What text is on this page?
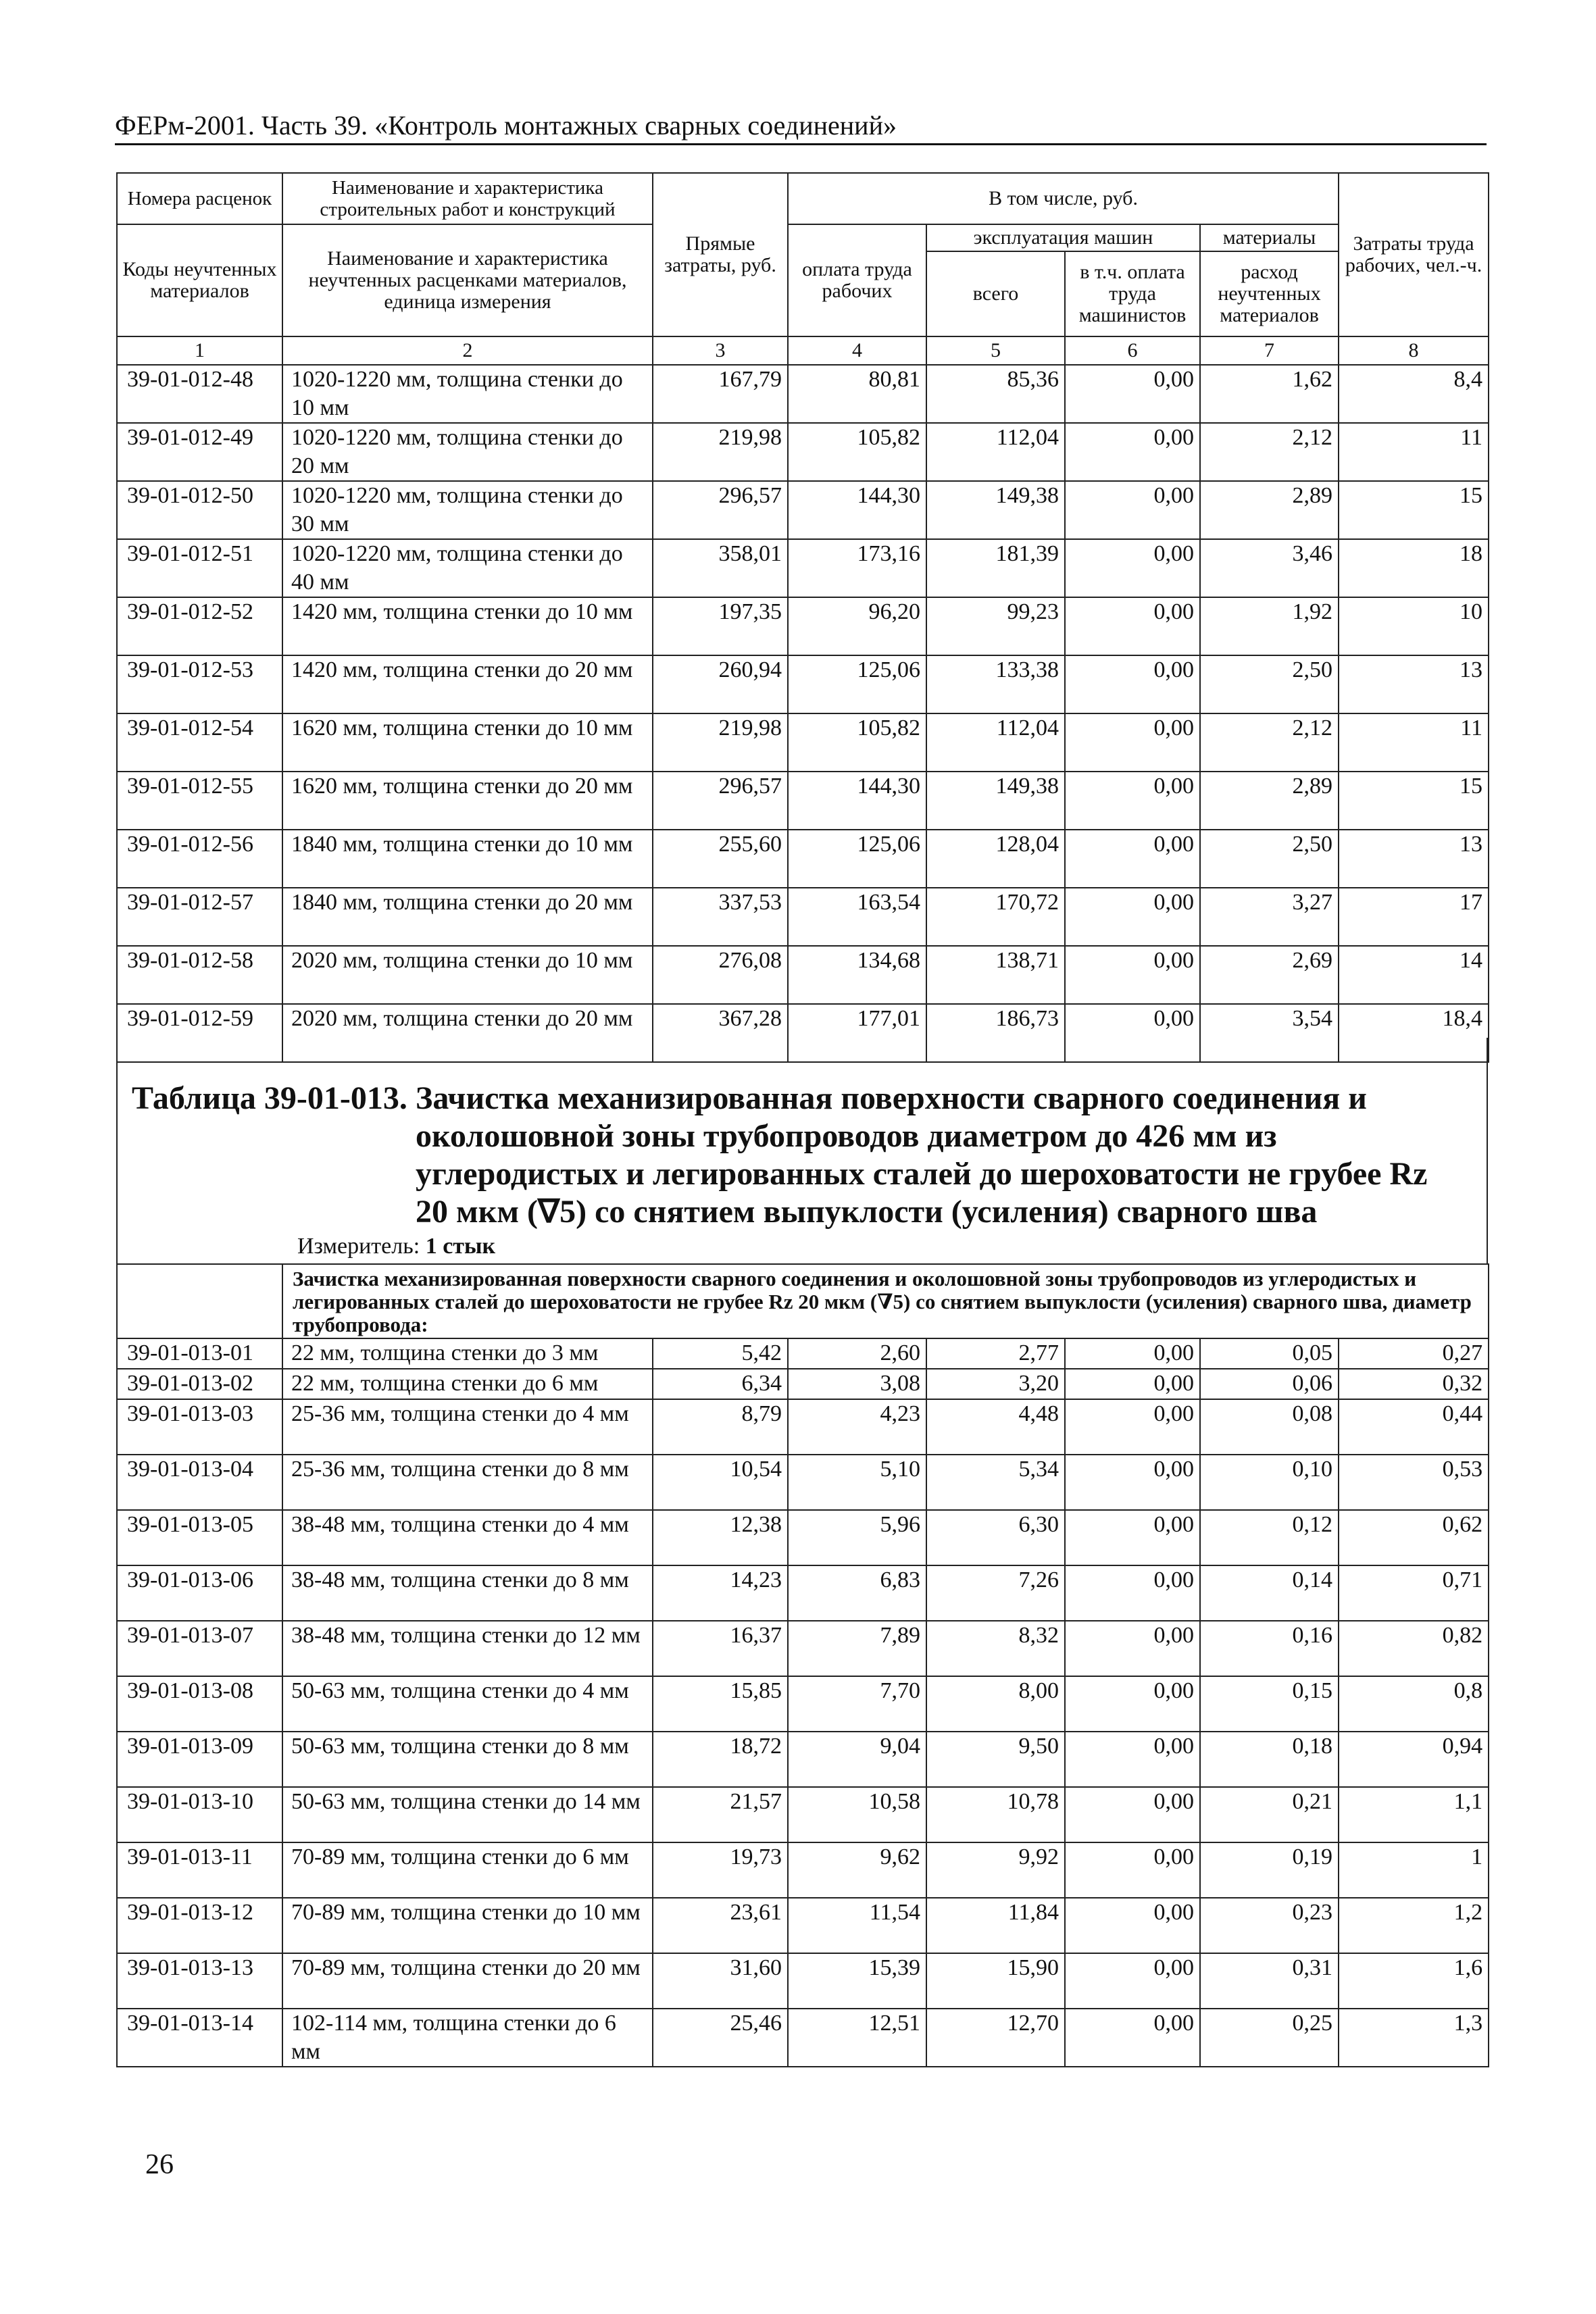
ФЕРм-2001. Часть 39. «Контроль монтажных сварных соединений»
Номера расценок	Наименование и характеристика строительных работ и конструкций	Прямые затраты, руб.	В том числе, руб.				Затраты труда рабочих, чел.-ч.
Коды неучтенных материалов	Наименование и характеристика неучтенных расценками материалов, единица измерения		оплата труда рабочих	эксплуатация машин		материалы	
				всего	в т.ч. оплата труда машинистов	расход неучтенных материалов	
1	2	3	4	5	6	7	8
39-01-012-48	1020-1220 мм, толщина стенки до 10 мм	167,79	80,81	85,36	0,00	1,62	8,4
39-01-012-49	1020-1220 мм, толщина стенки до 20 мм	219,98	105,82	112,04	0,00	2,12	11
39-01-012-50	1020-1220 мм, толщина стенки до 30 мм	296,57	144,30	149,38	0,00	2,89	15
39-01-012-51	1020-1220 мм, толщина стенки до 40 мм	358,01	173,16	181,39	0,00	3,46	18
39-01-012-52	1420 мм, толщина стенки до 10 мм	197,35	96,20	99,23	0,00	1,92	10
39-01-012-53	1420 мм, толщина стенки до 20 мм	260,94	125,06	133,38	0,00	2,50	13
39-01-012-54	1620 мм, толщина стенки до 10 мм	219,98	105,82	112,04	0,00	2,12	11
39-01-012-55	1620 мм, толщина стенки до 20 мм	296,57	144,30	149,38	0,00	2,89	15
39-01-012-56	1840 мм, толщина стенки до 10 мм	255,60	125,06	128,04	0,00	2,50	13
39-01-012-57	1840 мм, толщина стенки до 20 мм	337,53	163,54	170,72	0,00	3,27	17
39-01-012-58	2020 мм, толщина стенки до 10 мм	276,08	134,68	138,71	0,00	2,69	14
39-01-012-59	2020 мм, толщина стенки до 20 мм	367,28	177,01	186,73	0,00	3,54	18,4
Таблица 39-01-013. Зачистка механизированная поверхности сварного соединения и
околошовной зоны трубопроводов диаметром до 426 мм из
углеродистых и легированных сталей до шероховатости не грубее Rz
20 мкм (∇5) со снятием выпуклости (усиления) сварного шва
Измеритель: 1 стык
	Зачистка механизированная поверхности сварного соединения и околошовной зоны трубопроводов из углеродистых и легированных сталей до шероховатости не грубее Rz 20 мкм (∇5) со снятием выпуклости (усиления) сварного шва, диаметр трубопровода:						
39-01-013-01	22 мм, толщина стенки до 3 мм	5,42	2,60	2,77	0,00	0,05	0,27
39-01-013-02	22 мм, толщина стенки до 6 мм	6,34	3,08	3,20	0,00	0,06	0,32
39-01-013-03	25-36 мм, толщина стенки до 4 мм	8,79	4,23	4,48	0,00	0,08	0,44
39-01-013-04	25-36 мм, толщина стенки до 8 мм	10,54	5,10	5,34	0,00	0,10	0,53
39-01-013-05	38-48 мм, толщина стенки до 4 мм	12,38	5,96	6,30	0,00	0,12	0,62
39-01-013-06	38-48 мм, толщина стенки до 8 мм	14,23	6,83	7,26	0,00	0,14	0,71
39-01-013-07	38-48 мм, толщина стенки до 12 мм	16,37	7,89	8,32	0,00	0,16	0,82
39-01-013-08	50-63 мм, толщина стенки до 4 мм	15,85	7,70	8,00	0,00	0,15	0,8
39-01-013-09	50-63 мм, толщина стенки до 8 мм	18,72	9,04	9,50	0,00	0,18	0,94
39-01-013-10	50-63 мм, толщина стенки до 14 мм	21,57	10,58	10,78	0,00	0,21	1,1
39-01-013-11	70-89 мм, толщина стенки до 6 мм	19,73	9,62	9,92	0,00	0,19	1
39-01-013-12	70-89 мм, толщина стенки до 10 мм	23,61	11,54	11,84	0,00	0,23	1,2
39-01-013-13	70-89 мм, толщина стенки до 20 мм	31,60	15,39	15,90	0,00	0,31	1,6
39-01-013-14	102-114 мм, толщина стенки до 6 мм	25,46	12,51	12,70	0,00	0,25	1,3
26
